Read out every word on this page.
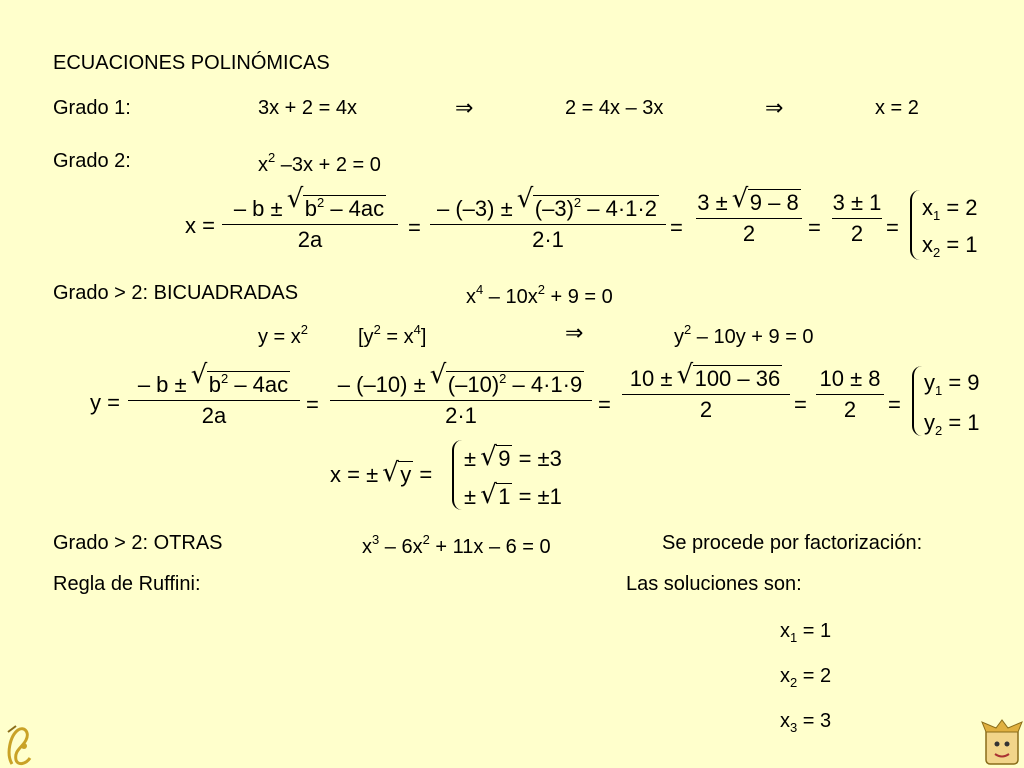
ECUACIONES POLINÓMICAS
Grado 1:	3x + 2 = 4x	⇒	2 = 4x – 3x	⇒	x = 2
Grado 2:	$x^2$ –3x + 2 = 0
x =
– b ± √ $b^2 - 4ac$
2a	=
– (–3) ± √ $(-3)^2 - 4\cdot 1\cdot 2$
2·1	=
3 ± √ 9 – 8
2 =
3 ± 1
2 =
$x_1 = 2$
$x_2 = 1$
Grado > 2: BICUADRADAS	$x^4 - 10x^2 + 9 = 0$
$y = x^2$ $[y^2 = x^4]$	⇒	$y^2 - 10y + 9 = 0$
y =
– b ± √ $b^2 - 4ac$
2a	=
– (–10) ± √ $(-10)^2 - 4\cdot 1\cdot 9$
2·1	=
10 ± √ 100 – 36
2	=
10 ± 8
2 =
$y_1 = 9$
$y_2 = 1$
x = ± √ y =
± √ 9 = ±3
± √ 1 = ±1
Grado > 2: OTRAS	$x^3 - 6x^2 + 11x - 6 = 0$	Se procede por factorización:
Regla de Ruffini:	Las soluciones son:
$x_1 = 1$
$x_2 = 2$
$x_3 = 3$
